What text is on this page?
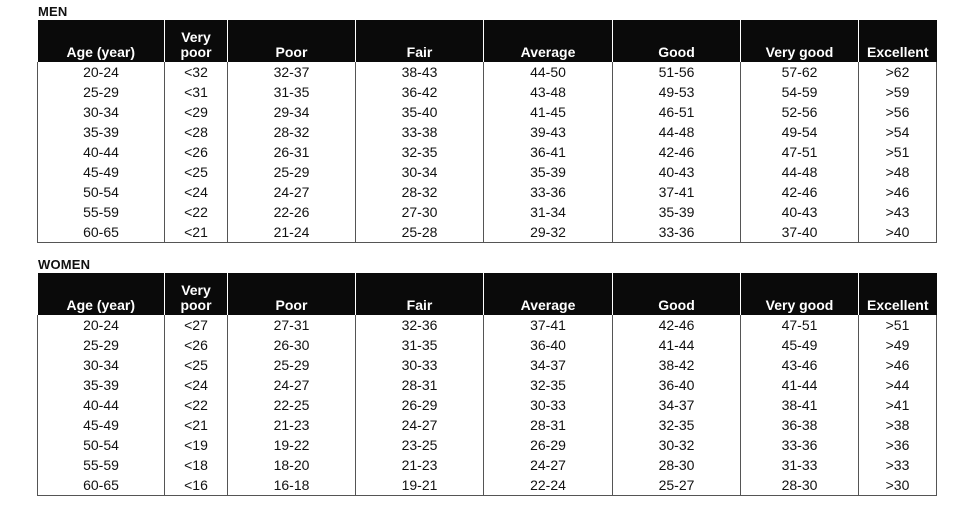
MEN
Age (year)	Very poor	Poor	Fair	Average	Good	Very good	Excellent
20-24	<32	32-37	38-43	44-50	51-56	57-62	>62
25-29	<31	31-35	36-42	43-48	49-53	54-59	>59
30-34	<29	29-34	35-40	41-45	46-51	52-56	>56
35-39	<28	28-32	33-38	39-43	44-48	49-54	>54
40-44	<26	26-31	32-35	36-41	42-46	47-51	>51
45-49	<25	25-29	30-34	35-39	40-43	44-48	>48
50-54	<24	24-27	28-32	33-36	37-41	42-46	>46
55-59	<22	22-26	27-30	31-34	35-39	40-43	>43
60-65	<21	21-24	25-28	29-32	33-36	37-40	>40
WOMEN
Age (year)	Very poor	Poor	Fair	Average	Good	Very good	Excellent
20-24	<27	27-31	32-36	37-41	42-46	47-51	>51
25-29	<26	26-30	31-35	36-40	41-44	45-49	>49
30-34	<25	25-29	30-33	34-37	38-42	43-46	>46
35-39	<24	24-27	28-31	32-35	36-40	41-44	>44
40-44	<22	22-25	26-29	30-33	34-37	38-41	>41
45-49	<21	21-23	24-27	28-31	32-35	36-38	>38
50-54	<19	19-22	23-25	26-29	30-32	33-36	>36
55-59	<18	18-20	21-23	24-27	28-30	31-33	>33
60-65	<16	16-18	19-21	22-24	25-27	28-30	>30
